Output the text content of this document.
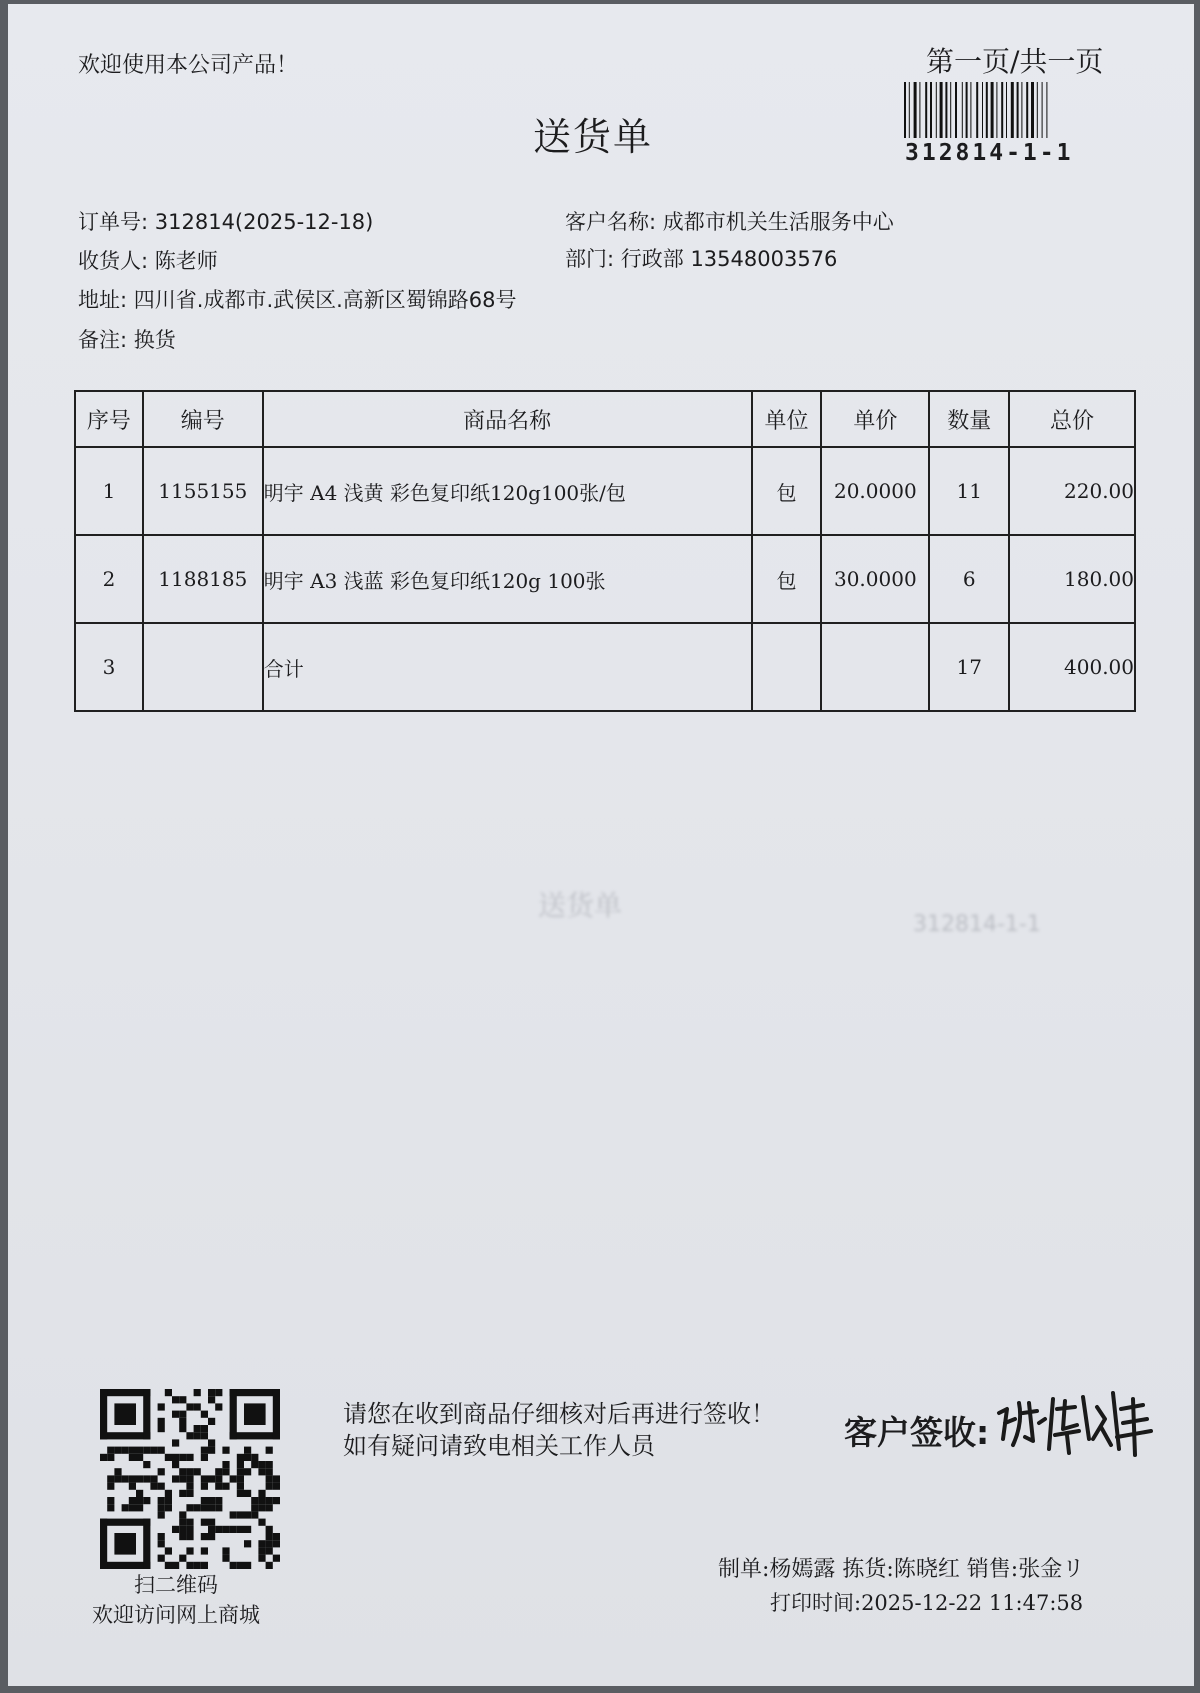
欢迎使用本公司产品！	第一页/共一页
312814-1-1
送货单
订单号: 312814(2025-12-18)	客户名称: 成都市机关生活服务中心
收货人: 陈老师	部门: 行政部 13548003576
地址: 四川省.成都市.武侯区.高新区蜀锦路68号
备注: 换货
序号	编号	商品名称	单位	单价	数量	总价
1	1155155	明宇 A4 浅黄 彩色复印纸120g100张/包	包	20.0000	11	220.00
2	1188185	明宇 A3 浅蓝 彩色复印纸120g 100张	包	30.0000	6	180.00
3		合计			17	400.00
送货单
312814-1-1
扫二维码
欢迎访问网上商城
请您在收到商品仔细核对后再进行签收！如有疑问请致电相关工作人员	客户签收:
制单:杨嫣露 拣货:陈晓红 销售:张金リ
打印时间:2025-12-22 11:47:58
